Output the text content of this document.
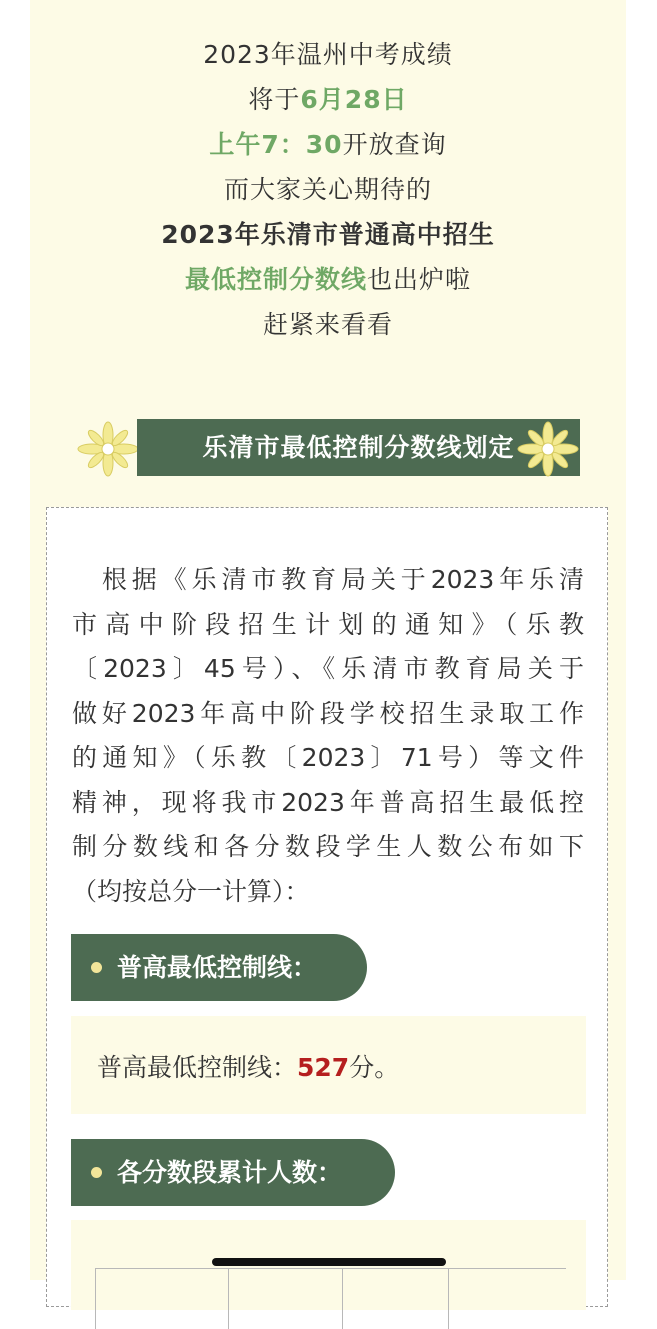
2023年温州中考成绩
将于6月28日
上午7：30开放查询
而大家关心期待的
2023年乐清市普通高中招生
最低控制分数线也出炉啦
赶紧来看看
乐清市最低控制分数线划定

　根据《乐清市教育局关于2023年乐清

市高中阶段招生计划的通知》（乐教

〔2023〕45号）、《乐清市教育局关于

做好2023年高中阶段学校招生录取工作

的通知》（乐教〔2023〕71号）等文件

精神，现将我市2023年普高招生最低控

制分数线和各分数段学生人数公布如下

（均按总分一计算）：

普高最低控制线：
普高最低控制线：527分。
各分数段累计人数：
